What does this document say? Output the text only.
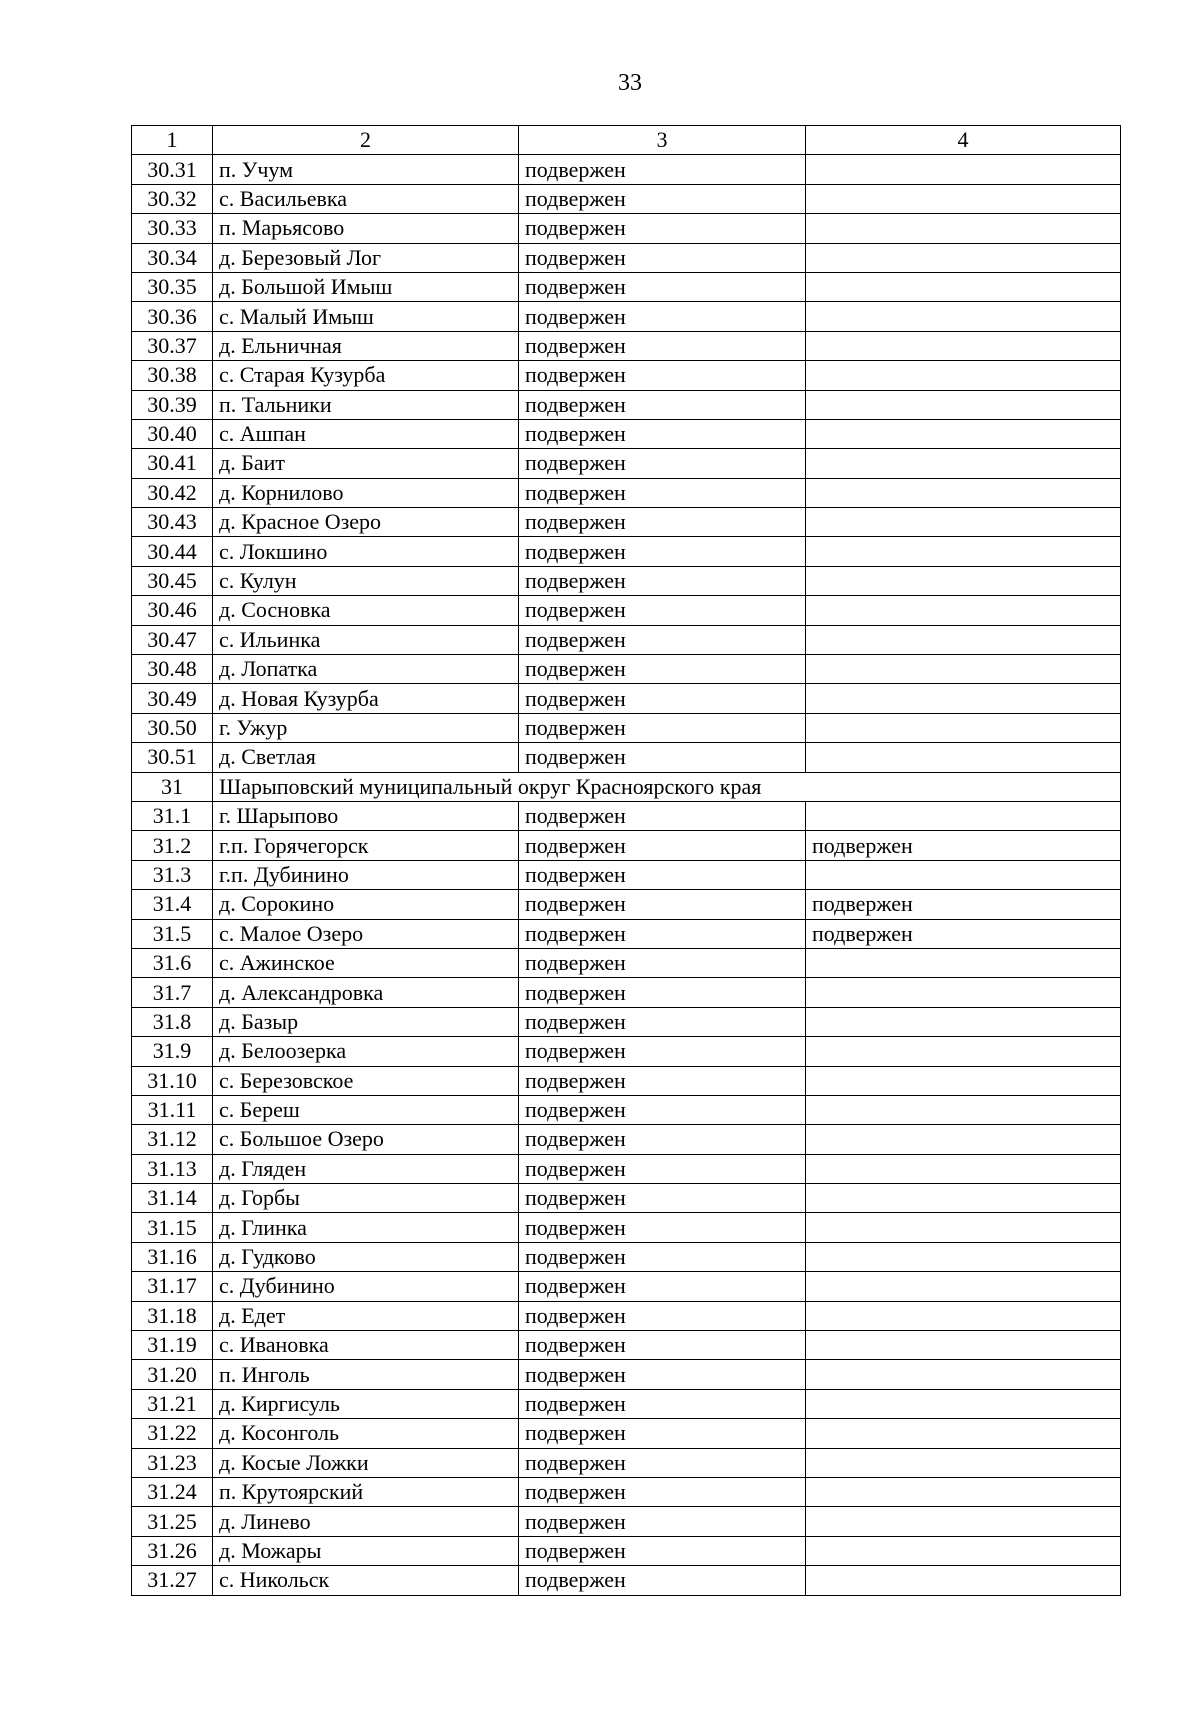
33
1	2	3	4
30.31	п. Учум	подвержен	
30.32	с. Васильевка	подвержен	
30.33	п. Марьясово	подвержен	
30.34	д. Березовый Лог	подвержен	
30.35	д. Большой Имыш	подвержен	
30.36	с. Малый Имыш	подвержен	
30.37	д. Ельничная	подвержен	
30.38	с. Старая Кузурба	подвержен	
30.39	п. Тальники	подвержен	
30.40	с. Ашпан	подвержен	
30.41	д. Баит	подвержен	
30.42	д. Корнилово	подвержен	
30.43	д. Красное Озеро	подвержен	
30.44	с. Локшино	подвержен	
30.45	с. Кулун	подвержен	
30.46	д. Сосновка	подвержен	
30.47	с. Ильинка	подвержен	
30.48	д. Лопатка	подвержен	
30.49	д. Новая Кузурба	подвержен	
30.50	г. Ужур	подвержен	
30.51	д. Светлая	подвержен	
31	Шарыповский муниципальный округ Красноярского края		
31.1	г. Шарыпово	подвержен	
31.2	г.п. Горячегорск	подвержен	подвержен
31.3	г.п. Дубинино	подвержен	
31.4	д. Сорокино	подвержен	подвержен
31.5	с. Малое Озеро	подвержен	подвержен
31.6	с. Ажинское	подвержен	
31.7	д. Александровка	подвержен	
31.8	д. Базыр	подвержен	
31.9	д. Белоозерка	подвержен	
31.10	с. Березовское	подвержен	
31.11	с. Береш	подвержен	
31.12	с. Большое Озеро	подвержен	
31.13	д. Гляден	подвержен	
31.14	д. Горбы	подвержен	
31.15	д. Глинка	подвержен	
31.16	д. Гудково	подвержен	
31.17	с. Дубинино	подвержен	
31.18	д. Едет	подвержен	
31.19	с. Ивановка	подвержен	
31.20	п. Инголь	подвержен	
31.21	д. Киргисуль	подвержен	
31.22	д. Косонголь	подвержен	
31.23	д. Косые Ложки	подвержен	
31.24	п. Крутоярский	подвержен	
31.25	д. Линево	подвержен	
31.26	д. Можары	подвержен	
31.27	с. Никольск	подвержен	
